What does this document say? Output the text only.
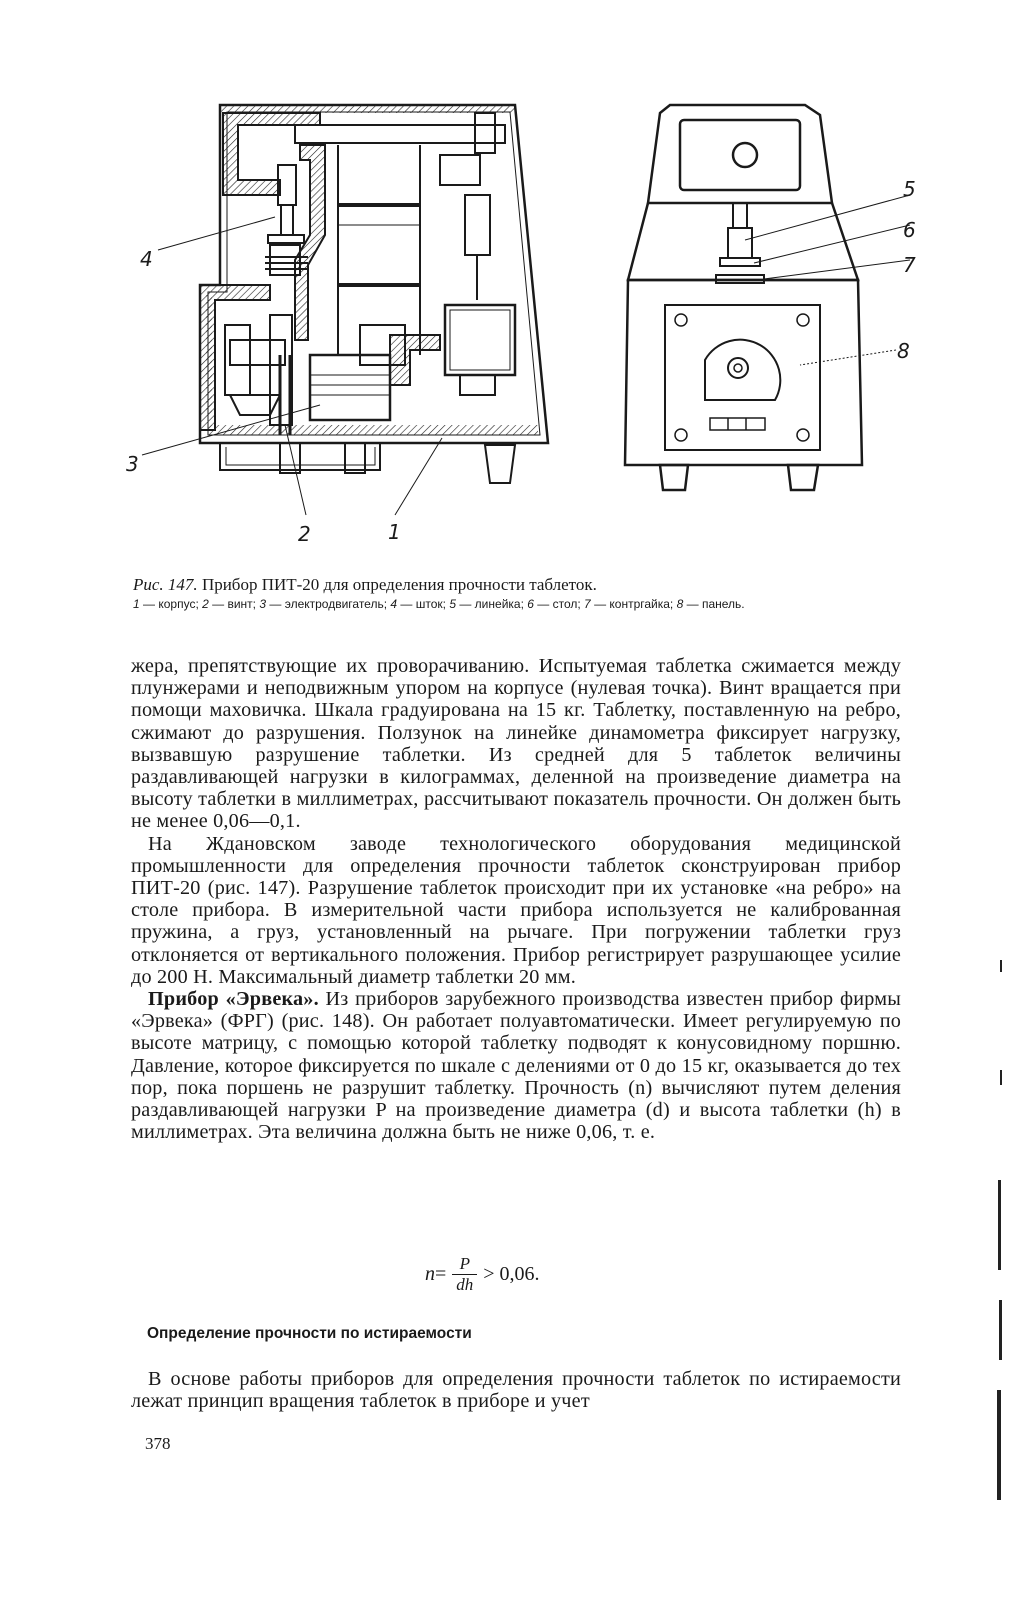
4
3
2	1
5
6
7
8
Рис. 147. Прибор ПИТ-20 для определения прочности таблеток.
1 — корпус; 2 — винт; 3 — электродвигатель; 4 — шток; 5 — линейка; 6 — стол; 7 — контргайка; 8 — панель.

жера, препятствующие их проворачиванию. Испытуемая таблетка сжимается между плунжерами и неподвижным упором на корпусе (нулевая точка). Винт вращается при помощи маховичка. Шкала градуирована на 15 кг. Таблетку, поставленную на ребро, сжимают до разрушения. Ползунок на линейке динамометра фиксирует нагрузку, вызвавшую разрушение таблетки. Из средней для 5 таблеток величины раздавливающей нагрузки в килограммах, деленной на произведение диаметра на высоту таблетки в миллиметрах, рассчитывают показатель прочности. Он должен быть не менее 0,06—0,1.

На Ждановском заводе технологического оборудования медицинской промышленности для определения прочности таблеток сконструирован прибор ПИТ-20 (рис. 147). Разрушение таблеток происходит при их установке «на ребро» на столе прибора. В измерительной части прибора используется не калиброванная пружина, а груз, установленный на рычаге. При погружении таблетки груз отклоняется от вертикального положения. Прибор регистрирует разрушающее усилие до 200 Н. Максимальный диаметр таблетки 20 мм.

Прибор «Эрвека». Из приборов зарубежного производства известен прибор фирмы «Эрвека» (ФРГ) (рис. 148). Он работает полуавтоматически. Имеет регулируемую по высоте матрицу, с помощью которой таблетку подводят к конусовидному поршню. Давление, которое фиксируется по шкале с делениями от 0 до 15 кг, оказывается до тех пор, пока поршень не разрушит таблетку. Прочность (n) вычисляют путем деления раздавливающей нагрузки P на произведение диаметра (d) и высота таблетки (h) в миллиметрах. Эта величина должна быть не ниже 0,06, т. е.

$n = \frac{P}{dh} > 0,06$.
Определение прочности по истираемости

В основе работы приборов для определения прочности таблеток по истираемости лежат принцип вращения таблеток в приборе и учет

378
